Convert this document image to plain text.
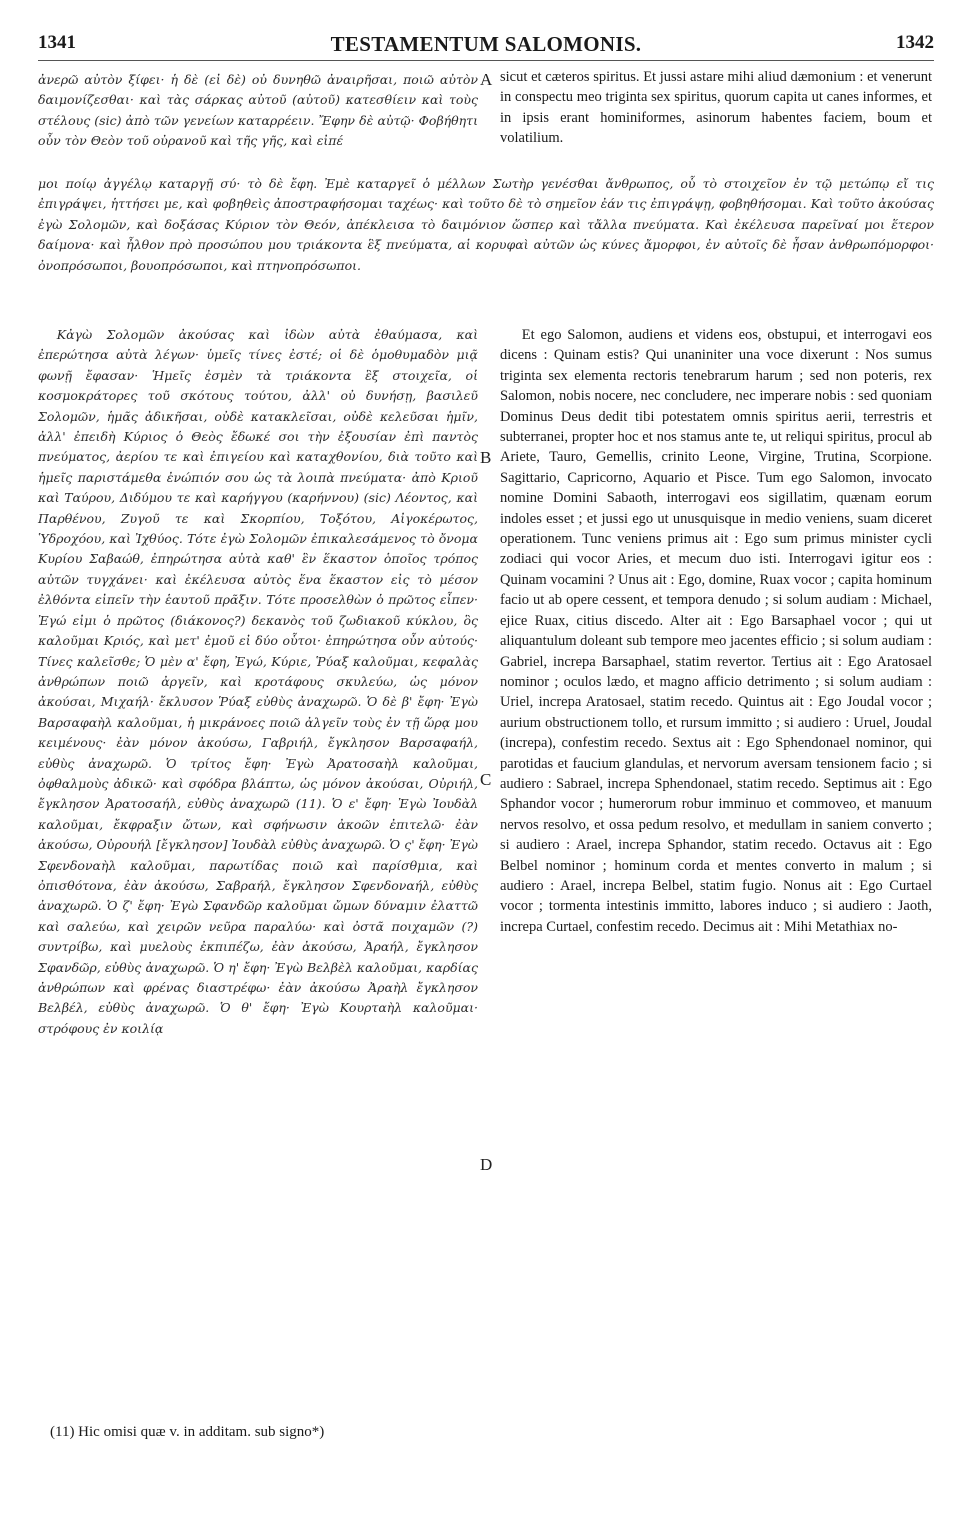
1341	TESTAMENTUM SALOMONIS.	1342

ἀνερῶ αὐτὸν ξίφει· ἡ δὲ (εἰ δὲ) οὐ δυνηθῶ ἀναιρῆσαι, ποιῶ αὐτὸν δαιμονίζεσθαι· καὶ τὰς σάρκας αὐτοῦ (αὐτοῦ) κατεσθίειν καὶ τοὺς στέλους (sic) ἀπὸ τῶν γενείων καταρρέειν. Ἔφην δὲ αὐτῷ· Φοβήθητι οὖν τὸν Θεὸν τοῦ οὐρανοῦ καὶ τῆς γῆς, καὶ εἰπέ

A sicut et cæteros spiritus. Et jussi astare mihi aliud dæmonium : et venerunt in conspectu meo triginta sex spiritus, quorum capita ut canes informes, et in ipsis erant hominiformes, asinorum habentes faciem, boum et volatilium.

μοι ποίῳ ἀγγέλῳ καταργῇ σύ· τὸ δὲ ἔφη. Ἐμὲ καταργεῖ ὁ μέλλων Σωτὴρ γενέσθαι ἄνθρωπος, οὗ τὸ στοιχεῖον ἐν τῷ μετώπῳ εἴ τις ἐπιγράψει, ἡττήσει με, καὶ φοβηθεὶς ἀποστραφήσομαι ταχέως· καὶ τοῦτο δὲ τὸ σημεῖον ἐάν τις ἐπιγράψῃ, φοβηθήσομαι. Καὶ τοῦτο ἀκούσας ἐγὼ Σολομῶν, καὶ δοξάσας Κύριον τὸν Θεόν, ἀπέκλεισα τὸ δαιμόνιον ὥσπερ καὶ τἄλλα πνεύματα. Καὶ ἐκέλευσα παρεῖναί μοι ἕτερον δαίμονα· καὶ ἦλθον πρὸ προσώπου μου τριάκοντα ἓξ πνεύματα, αἱ κορυφαὶ αὐτῶν ὡς κύνες ἄμορφοι, ἐν αὐτοῖς δὲ ἦσαν ἀνθρωπόμορφοι· ὀνοπρόσωποι, βουοπρόσωποι, καὶ πτηνοπρόσωποι.

Κἀγὼ Σολομῶν ἀκούσας καὶ ἰδὼν αὐτὰ ἐθαύμασα, καὶ ἐπερώτησα αὐτὰ λέγων· ὑμεῖς τίνες ἐστέ; οἱ δὲ ὁμοθυμαδὸν μιᾷ φωνῇ ἔφασαν· Ἡμεῖς ἐσμὲν τὰ τριάκοντα ἓξ στοιχεῖα, οἱ κοσμοκράτορες τοῦ σκότους τούτου, ἀλλ' οὐ δυνήσῃ, βασιλεῦ Σολομῶν, ἡμᾶς ἀδικῆσαι, οὐδὲ κατακλεῖσαι, οὐδὲ κελεῦσαι ἡμῖν, ἀλλ' ἐπειδὴ Κύριος ὁ Θεὸς ἔδωκέ σοι τὴν ἐξουσίαν ἐπὶ παντὸς πνεύματος, ἀερίου τε καὶ ἐπιγείου καὶ καταχθονίου, διὰ τοῦτο καὶ ἡμεῖς παριστάμεθα ἐνώπιόν σου ὡς τὰ λοιπὰ πνεύματα· ἀπὸ Κριοῦ καὶ Ταύρου, Διδύμου τε καὶ καρήγγου (καρήννου) (sic) Λέοντος, καὶ Παρθένου, Ζυγοῦ τε καὶ Σκορπίου, Τοξότου, Αἰγοκέρωτος, Ὑδροχόου, καὶ Ἰχθύος. Τότε ἐγὼ Σολομῶν ἐπικαλεσάμενος τὸ ὄνομα Κυρίου Σαβαώθ, ἐπηρώτησα αὐτὰ καθ' ἓν ἕκαστον ὁποῖος τρόπος αὐτῶν τυγχάνει· καὶ ἐκέλευσα αὐτὸς ἕνα ἕκαστον εἰς τὸ μέσον ἐλθόντα εἰπεῖν τὴν ἑαυτοῦ πρᾶξιν. Τότε προσελθὼν ὁ πρῶτος εἶπεν· Ἐγώ εἰμι ὁ πρῶτος (διάκονος?) δεκανὸς τοῦ ζωδιακοῦ κύκλου, ὃς καλοῦμαι Κριός, καὶ μετ' ἐμοῦ εἰ δύο οὗτοι· ἐπηρώτησα οὖν αὐτούς· Τίνες καλεῖσθε; Ὁ μὲν α' ἔφη, Ἐγώ, Κύριε, Ῥύαξ καλοῦμαι, κεφαλὰς ἀνθρώπων ποιῶ ἀργεῖν, καὶ κροτάφους σκυλεύω, ὡς μόνον ἀκούσαι, Μιχαήλ· ἔκλυσον Ῥύαξ εὐθὺς ἀναχωρῶ. Ὁ δὲ β' ἔφη· Ἐγὼ Βαρσαφαὴλ καλοῦμαι, ἡ μικράνοες ποιῶ ἀλγεῖν τοὺς ἐν τῇ ὥρᾳ μου κειμένους· ἐὰν μόνον ἀκούσω, Γαβριήλ, ἔγκλησον Βαρσαφαήλ, εὐθὺς ἀναχωρῶ. Ὁ τρίτος ἔφη· Ἐγὼ Ἀρατοσαὴλ καλοῦμαι, ὀφθαλμοὺς ἀδικῶ· καὶ σφόδρα βλάπτω, ὡς μόνον ἀκούσαι, Οὐριήλ, ἔγκλησον Ἀρατοσαήλ, εὐθὺς ἀναχωρῶ (11). Ὁ ε' ἔφη· Ἐγὼ Ἰουδὰλ καλοῦμαι, ἔκφραξιν ὤτων, καὶ σφήνωσιν ἀκοῶν ἐπιτελῶ· ἐὰν ἀκούσω, Οὐρουήλ [ἔγκλησον] Ἰουδὰλ εὐθὺς ἀναχωρῶ. Ὁ ς' ἔφη· Ἐγὼ Σφενδοναὴλ καλοῦμαι, παρωτίδας ποιῶ καὶ παρίσθμια, καὶ ὀπισθότονα, ἐὰν ἀκούσω, Σαβραήλ, ἔγκλησον Σφενδοναήλ, εὐθὺς ἀναχωρῶ. Ὁ ζ' ἔφη· Ἐγὼ Σφανδῶρ καλοῦμαι ὤμων δύναμιν ἐλαττῶ καὶ σαλεύω, καὶ χειρῶν νεῦρα παραλύω· καὶ ὀστᾶ ποιχαμῶν (?) συντρίβω, καὶ μυελοὺς ἐκπιπέζω, ἐὰν ἀκούσω, Ἀραήλ, ἔγκλησον Σφανδῶρ, εὐθὺς ἀναχωρῶ. Ὁ η' ἔφη· Ἐγὼ Βελβὲλ καλοῦμαι, καρδίας ἀνθρώπων καὶ φρένας διαστρέφω· ἐὰν ἀκούσω Ἀραὴλ ἔγκλησον Βελβέλ, εὐθὺς ἀναχωρῶ. Ὁ θ' ἔφη· Ἐγὼ Κουρταὴλ καλοῦμαι· στρόφους ἐν κοιλίᾳ

B
C
D

Et ego Salomon, audiens et videns eos, obstupui, et interrogavi eos dicens : Quinam estis? Qui unaniniter una voce dixerunt : Nos sumus triginta sex elementa rectoris tenebrarum harum ; sed non poteris, rex Salomon, nobis nocere, nec concludere, nec imperare nobis : sed quoniam Dominus Deus dedit tibi potestatem omnis spiritus aerii, terrestris et subterranei, propter hoc et nos stamus ante te, ut reliqui spiritus, procul ab Ariete, Tauro, Gemellis, crinito Leone, Virgine, Trutina, Scorpione. Sagittario, Capricorno, Aquario et Pisce. Tum ego Salomon, invocato nomine Domini Sabaoth, interrogavi eos sigillatim, quænam eorum indoles esset ; et jussi ego ut unusquisque in medio veniens, suam diceret operationem. Tunc veniens primus ait : Ego sum primus minister cycli zodiaci qui vocor Aries, et mecum duo isti. Interrogavi igitur eos : Quinam vocamini ? Unus ait : Ego, domine, Ruax vocor ; capita hominum facio ut ab opere cessent, et tempora denudo ; si solum audiam : Michael, ejice Ruax, citius discedo. Alter ait : Ego Barsaphael vocor ; qui ut aliquantulum doleant sub tempore meo jacentes efficio ; si solum audiam : Gabriel, increpa Barsaphael, statim revertor. Tertius ait : Ego Aratosael nominor ; oculos lædo, et magno afficio detrimento ; si solum audiam : Uriel, increpa Aratosael, statim recedo. Quintus ait : Ego Joudal vocor ; aurium obstructionem tollo, et rursum immitto ; si audiero : Uruel, Joudal (increpa), confestim recedo. Sextus ait : Ego Sphendonael nominor, qui parotidas et faucium glandulas, et nervorum aversam tensionem facio ; si audiero : Sabrael, increpa Sphendonael, statim recedo. Septimus ait : Ego Sphandor vocor ; humerorum robur imminuo et commoveo, et manuum nervos resolvo, et ossa pedum resolvo, et medullam in saniem converto ; si audiero : Arael, increpa Sphandor, statim recedo. Octavus ait : Ego Belbel nominor ; hominum corda et mentes converto in malum ; si audiero : Arael, increpa Belbel, statim fugio. Nonus ait : Ego Curtael vocor ; tormenta intestinis immitto, labores induco ; si audiero : Jaoth, increpa Curtael, confestim recedo. Decimus ait : Mihi Metathiax no-

(11) Hic omisi quæ v. in additam. sub signo*)
